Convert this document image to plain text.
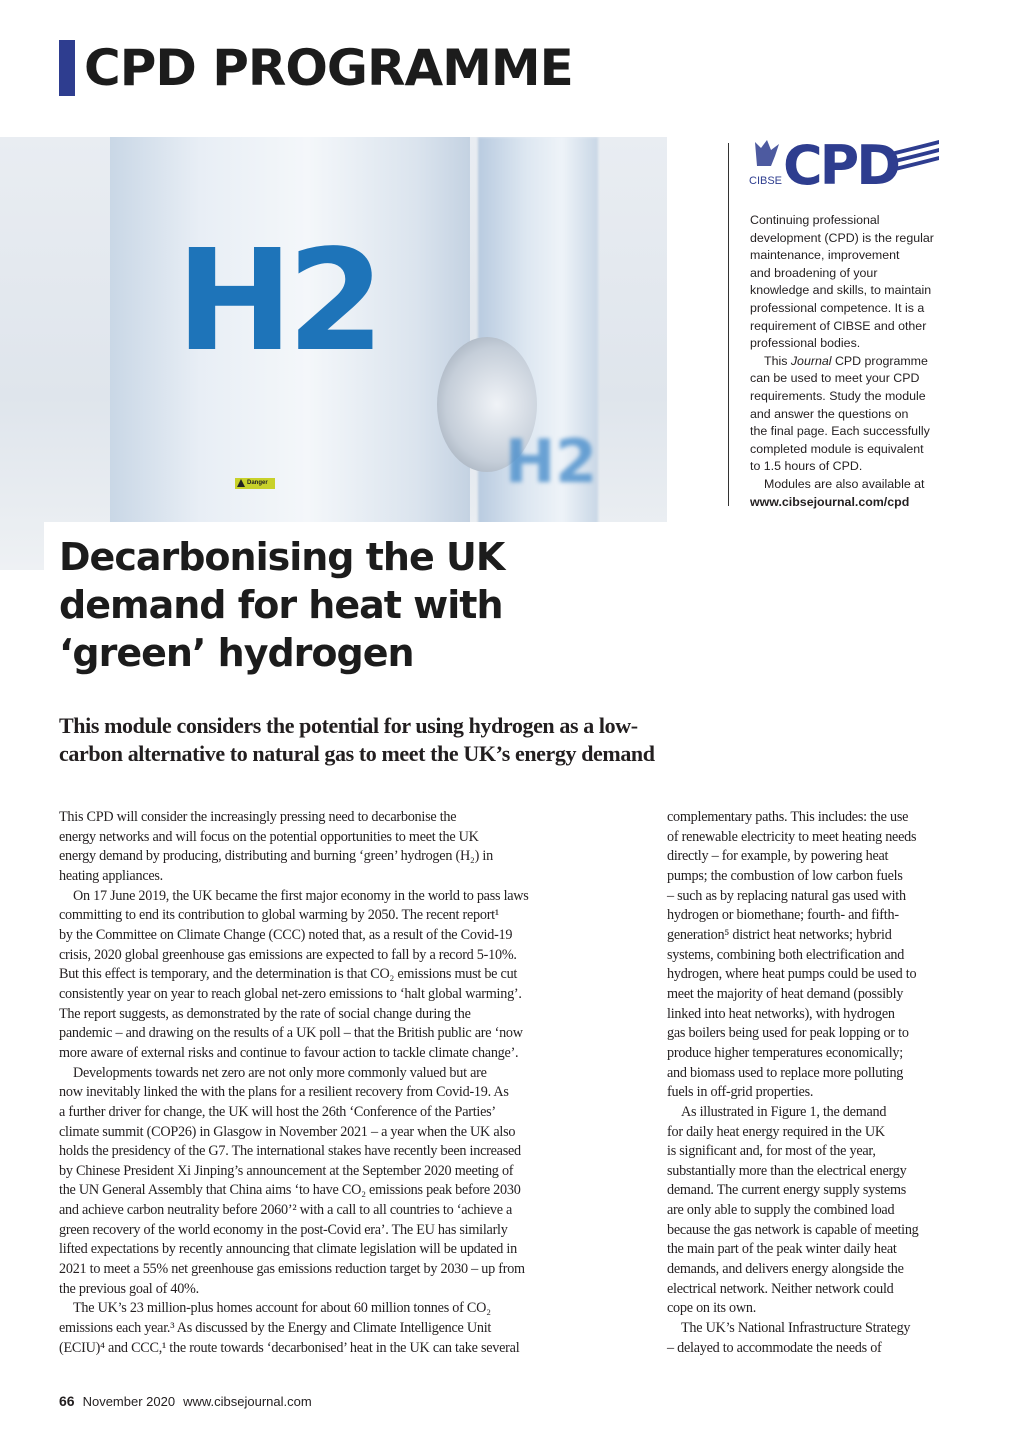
CPD PROGRAMME
H2
H2
Danger
Decarbonising the UK
demand for heat with
‘green’ hydrogen

This module considers the potential for using hydrogen as a low-
carbon alternative to natural gas to meet the UK’s energy demand

CIBSE CPD
Continuing professional
development (CPD) is the regular
maintenance, improvement
and broadening of your
knowledge and skills, to maintain
professional competence. It is a
requirement of CIBSE and other
professional bodies.
This Journal CPD programme
can be used to meet your CPD
requirements. Study the module
and answer the questions on
the final page. Each successfully
completed module is equivalent
to 1.5 hours of CPD.
Modules are also available at
www.cibsejournal.com/cpd
This CPD will consider the increasingly pressing need to decarbonise the
energy networks and will focus on the potential opportunities to meet the UK
energy demand by producing, distributing and burning ‘green’ hydrogen (H₂) in
heating appliances.
On 17 June 2019, the UK became the first major economy in the world to pass laws
committing to end its contribution to global warming by 2050. The recent report¹
by the Committee on Climate Change (CCC) noted that, as a result of the Covid-19
crisis, 2020 global greenhouse gas emissions are expected to fall by a record 5-10%.
But this effect is temporary, and the determination is that CO₂ emissions must be cut
consistently year on year to reach global net-zero emissions to ‘halt global warming’.
The report suggests, as demonstrated by the rate of social change during the
pandemic – and drawing on the results of a UK poll – that the British public are ‘now
more aware of external risks and continue to favour action to tackle climate change’.
Developments towards net zero are not only more commonly valued but are
now inevitably linked the with the plans for a resilient recovery from Covid-19. As
a further driver for change, the UK will host the 26th ‘Conference of the Parties’
climate summit (COP26) in Glasgow in November 2021 – a year when the UK also
holds the presidency of the G7. The international stakes have recently been increased
by Chinese President Xi Jinping’s announcement at the September 2020 meeting of
the UN General Assembly that China aims ‘to have CO₂ emissions peak before 2030
and achieve carbon neutrality before 2060’² with a call to all countries to ‘achieve a
green recovery of the world economy in the post-Covid era’. The EU has similarly
lifted expectations by recently announcing that climate legislation will be updated in
2021 to meet a 55% net greenhouse gas emissions reduction target by 2030 – up from
the previous goal of 40%.
The UK’s 23 million-plus homes account for about 60 million tonnes of CO₂
emissions each year.³ As discussed by the Energy and Climate Intelligence Unit
(ECIU)⁴ and CCC,¹ the route towards ‘decarbonised’ heat in the UK can take several
complementary paths. This includes: the use
of renewable electricity to meet heating needs
directly – for example, by powering heat
pumps; the combustion of low carbon fuels
– such as by replacing natural gas used with
hydrogen or biomethane; fourth- and fifth-
generation⁵ district heat networks; hybrid
systems, combining both electrification and
hydrogen, where heat pumps could be used to
meet the majority of heat demand (possibly
linked into heat networks), with hydrogen
gas boilers being used for peak lopping or to
produce higher temperatures economically;
and biomass used to replace more polluting
fuels in off-grid properties.
As illustrated in Figure 1, the demand
for daily heat energy required in the UK
is significant and, for most of the year,
substantially more than the electrical energy
demand. The current energy supply systems
are only able to supply the combined load
because the gas network is capable of meeting
the main part of the peak winter daily heat
demands, and delivers energy alongside the
electrical network. Neither network could
cope on its own.
The UK’s National Infrastructure Strategy
– delayed to accommodate the needs of
66 November 2020 www.cibsejournal.com
